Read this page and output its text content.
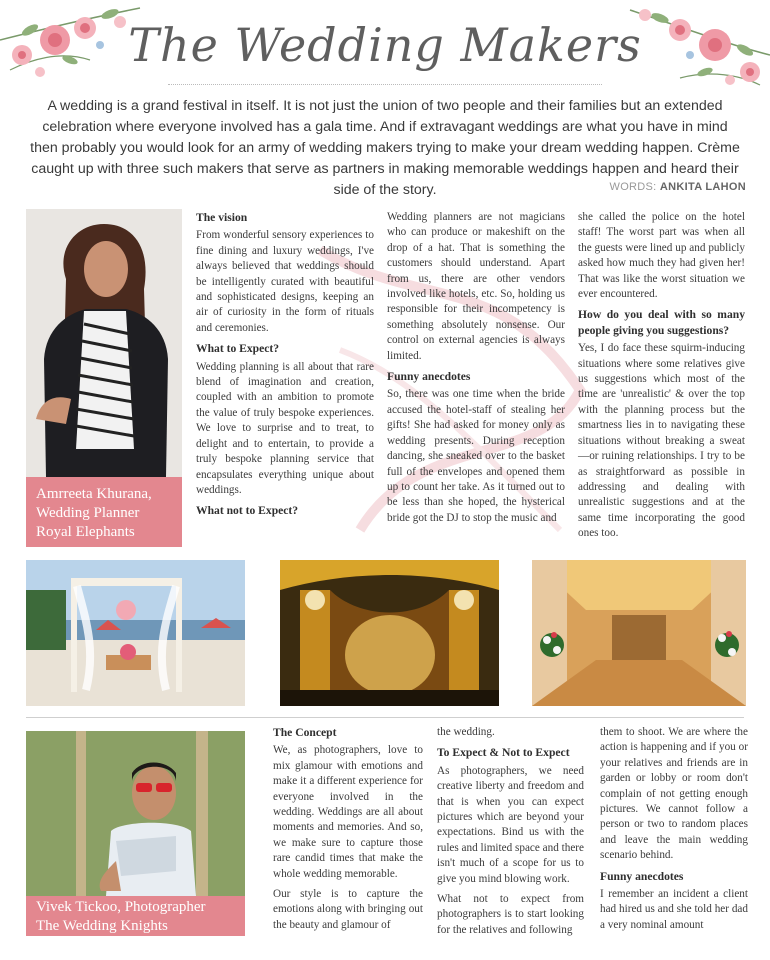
The Wedding Makers
A wedding is a grand festival in itself. It is not just the union of two people and their families but an extended celebration where everyone involved has a gala time. And if extravagant weddings are what you have in mind then probably you would look for an army of wedding makers trying to make your dream wedding happen. Crème caught up with three such makers that serve as partners in making memorable weddings happen and heard their side of the story.	WORDS: ANKITA LAHON
Amrreeta Khurana,
Wedding Planner
Royal Elephants
The vision

From wonderful sensory experiences to fine dining and luxury weddings, I've always believed that weddings should be intelligently curated with beautiful and sophisticated designs, keeping an air of curiosity in the form of rituals and ceremonies.

What to Expect?

Wedding planning is all about that rare blend of imagination and creation, coupled with an ambition to promote the value of truly bespoke experiences. We love to surprise and to treat, to delight and to entertain, to provide a truly bespoke planning service that encapsulates everything unique about weddings.

What not to Expect?

Wedding planners are not magicians who can produce or makeshift on the drop of a hat. That is something the customers should understand. Apart from us, there are other vendors involved like hotels, etc. So, holding us responsible for their incompetency is something absolutely nonsense. Our control on external agencies is always limited.

Funny anecdotes

So, there was one time when the bride accused the hotel-staff of stealing her gifts! She had asked for money only as wedding presents. During reception dancing, she sneaked over to the basket full of the envelopes and opened them up to count her take. As it turned out to be less than she hoped, the hysterical bride got the DJ to stop the music and

she called the police on the hotel staff! The worst part was when all the guests were lined up and publicly asked how much they had given her! That was like the worst situation we ever encountered.

How do you deal with so many people giving you suggestions?

Yes, I do face these squirm-inducing situations where some relatives give us suggestions which most of the time are 'unrealistic' & over the top with the planning process but the smartness lies in to navigating these situations without breaking a sweat—or ruining relationships. I try to be as straightforward as possible in addressing and dealing with unrealistic suggestions and at the same time incorporating the good ones too.

Vivek Tickoo, Photographer
The Wedding Knights
The Concept

We, as photographers, love to mix glamour with emotions and make it a different experience for everyone involved in the wedding. Weddings are all about moments and memories. And so, we make sure to capture those rare candid times that make the whole wedding memorable.

Our style is to capture the emotions along with bringing out the beauty and glamour of

the wedding.

To Expect & Not to Expect

As photographers, we need creative liberty and freedom and that is when you can expect pictures which are beyond your expectations. Bind us with the rules and limited space and there isn't much of a scope for us to give you mind blowing work.

What not to expect from photographers is to start looking for the relatives and following

them to shoot. We are where the action is happening and if you or your relatives and friends are in garden or lobby or room don't complain of not getting enough pictures. We cannot follow a person or two to random places and leave the main wedding scenario behind.

Funny anecdotes

I remember an incident a client had hired us and she told her dad a very nominal amount
